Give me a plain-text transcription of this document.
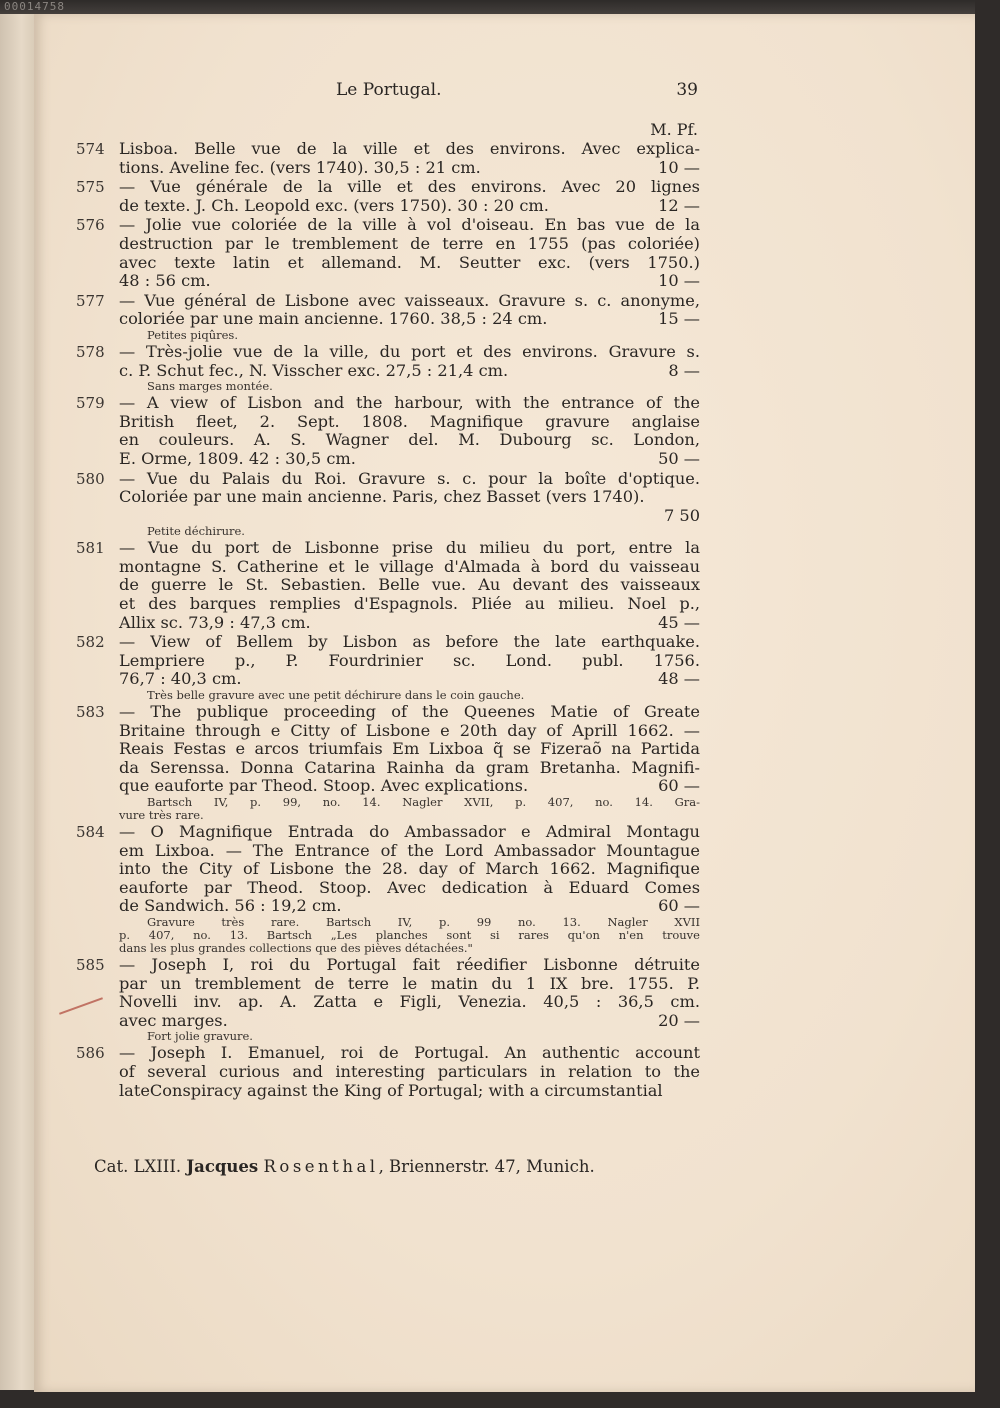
00014758
Le Portugal.	39
M. Pf.
574 Lisboa. Belle vue de la ville et des environs. Avec explica-
tions. Aveline fec. (vers 1740). 30,5 : 21 cm.	10 —
575 — Vue générale de la ville et des environs. Avec 20 lignes
de texte. J. Ch. Leopold exc. (vers 1750). 30 : 20 cm.	12 —
576 — Jolie vue coloriée de la ville à vol d'oiseau. En bas vue de la
destruction par le tremblement de terre en 1755 (pas coloriée)
avec texte latin et allemand. M. Seutter exc. (vers 1750.)
48 : 56 cm.	10 —
577 — Vue général de Lisbone avec vaisseaux. Gravure s. c. anonyme,
coloriée par une main ancienne. 1760. 38,5 : 24 cm.	15 —
Petites piqûres.
578 — Très-jolie vue de la ville, du port et des environs. Gravure s.
c. P. Schut fec., N. Visscher exc. 27,5 : 21,4 cm.	8 —
Sans marges montée.
579 — A view of Lisbon and the harbour, with the entrance of the
British fleet, 2. Sept. 1808. Magnifique gravure anglaise
en couleurs. A. S. Wagner del. M. Dubourg sc. London,
E. Orme, 1809. 42 : 30,5 cm.	50 —
580 — Vue du Palais du Roi. Gravure s. c. pour la boîte d'optique.
Coloriée par une main ancienne. Paris, chez Basset (vers 1740).
7 50
Petite déchirure.
581 — Vue du port de Lisbonne prise du milieu du port, entre la
montagne S. Catherine et le village d'Almada à bord du vaisseau
de guerre le St. Sebastien. Belle vue. Au devant des vaisseaux
et des barques remplies d'Espagnols. Pliée au milieu. Noel p.,
Allix sc. 73,9 : 47,3 cm.	45 —
582 — View of Bellem by Lisbon as before the late earthquake.
Lempriere p., P. Fourdrinier sc. Lond. publ. 1756.
76,7 : 40,3 cm.	48 —
Très belle gravure avec une petit déchirure dans le coin gauche.
583 — The publique proceeding of the Queenes Matie of Greate
Britaine through e Citty of Lisbone e 20th day of Aprill 1662. —
Reais Festas e arcos triumfais Em Lixboa q̃ se Fizeraõ na Partida
da Serenssa. Donna Catarina Rainha da gram Bretanha. Magnifi-
que eauforte par Theod. Stoop. Avec explications.	60 —
Bartsch IV, p. 99, no. 14. Nagler XVII, p. 407, no. 14. Gra-
vure très rare.
584 — O Magnifique Entrada do Ambassador e Admiral Montagu
em Lixboa. — The Entrance of the Lord Ambassador Mountague
into the City of Lisbone the 28. day of March 1662. Magnifique
eauforte par Theod. Stoop. Avec dedication à Eduard Comes
de Sandwich. 56 : 19,2 cm.	60 —
Gravure très rare. Bartsch IV, p. 99 no. 13. Nagler XVII
p. 407, no. 13. Bartsch „Les planches sont si rares qu'on n'en trouve
dans les plus grandes collections que des pièves détachées."
585 — Joseph I, roi du Portugal fait réedifier Lisbonne détruite
par un tremblement de terre le matin du 1 IX bre. 1755. P.
Novelli inv. ap. A. Zatta e Figli, Venezia. 40,5 : 36,5 cm.
avec marges.	20 —
Fort jolie gravure.
586 — Joseph I. Emanuel, roi de Portugal. An authentic account
of several curious and interesting particulars in relation to the
lateConspiracy against the King of Portugal; with a circumstantial
Cat. LXIII. Jacques Rosenthal, Briennerstr. 47, Munich.
